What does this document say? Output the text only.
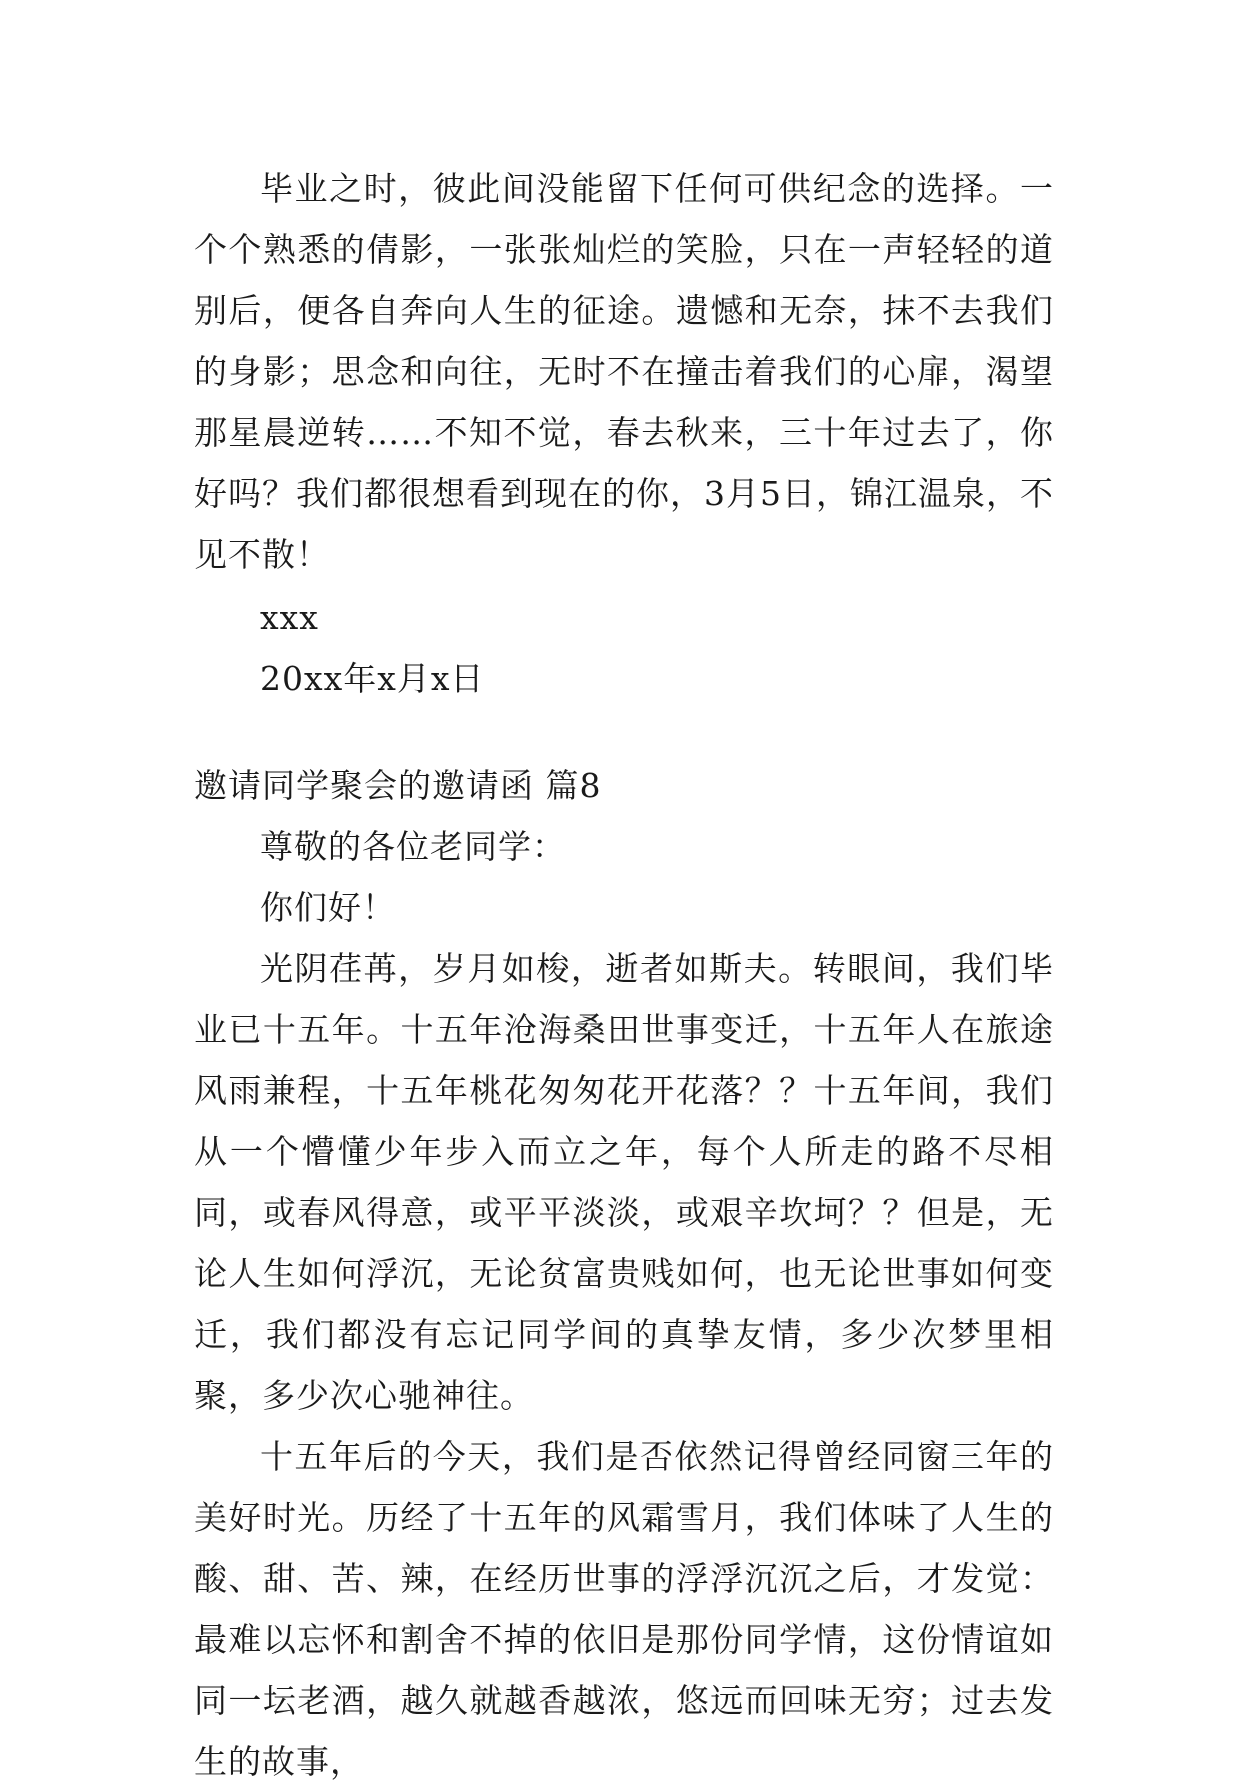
毕业之时，彼此间没能留下任何可供纪念的选择。一个个熟悉的倩影，一张张灿烂的笑脸，只在一声轻轻的道别后，便各自奔向人生的征途。遗憾和无奈，抹不去我们的身影；思念和向往，无时不在撞击着我们的心扉，渴望那星晨逆转……不知不觉，春去秋来，三十年过去了，你好吗？我们都很想看到现在的你，3月5日，锦江温泉，不见不散！

xxx

20xx年x月x日

邀请同学聚会的邀请函 篇8

尊敬的各位老同学：

你们好！

光阴荏苒，岁月如梭，逝者如斯夫。转眼间，我们毕业已十五年。十五年沧海桑田世事变迁，十五年人在旅途风雨兼程，十五年桃花匆匆花开花落？？十五年间，我们从一个懵懂少年步入而立之年，每个人所走的路不尽相同，或春风得意，或平平淡淡，或艰辛坎坷？？但是，无论人生如何浮沉，无论贫富贵贱如何，也无论世事如何变迁，我们都没有忘记同学间的真挚友情，多少次梦里相聚，多少次心驰神往。

十五年后的今天，我们是否依然记得曾经同窗三年的美好时光。历经了十五年的风霜雪月，我们体味了人生的酸、甜、苦、辣，在经历世事的浮浮沉沉之后，才发觉：最难以忘怀和割舍不掉的依旧是那份同学情，这份情谊如同一坛老酒，越久就越香越浓，悠远而回味无穷；过去发生的故事，
